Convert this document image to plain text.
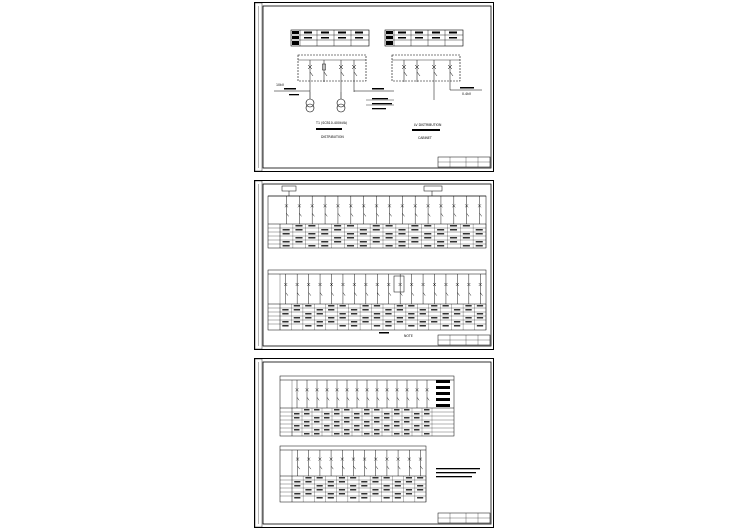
T1 (SCB10-400kVA)
DISTRIBUTION
10kV
0.4kV
LV DISTRIBUTION
CABINET
NOTE
